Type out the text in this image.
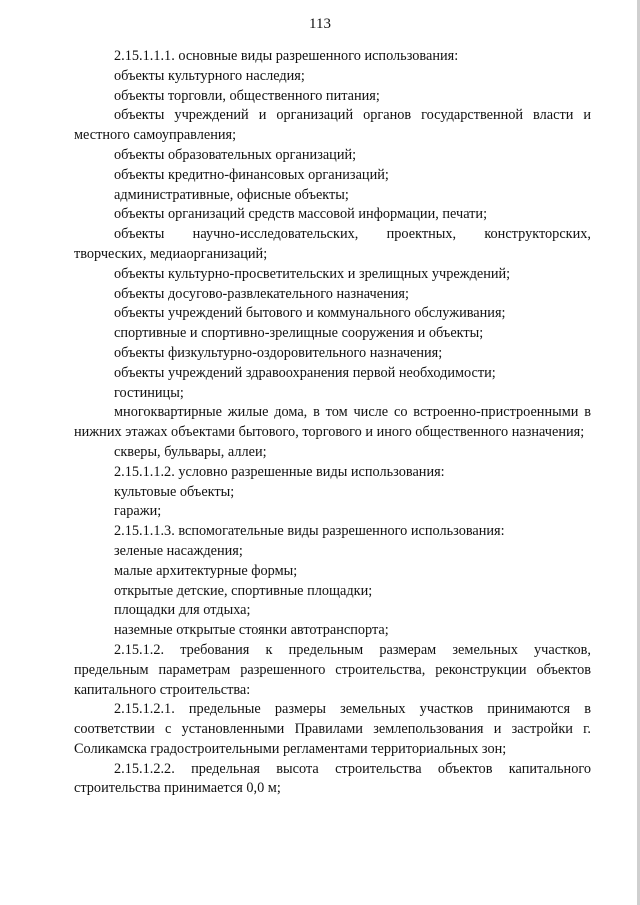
113

2.15.1.1.1. основные виды разрешенного использования:

объекты культурного наследия;

объекты торговли, общественного питания;

объекты учреждений и организаций органов государственной власти и местного самоуправления;

объекты образовательных организаций;

объекты кредитно-финансовых организаций;

административные, офисные объекты;

объекты организаций средств массовой информации, печати;

объекты научно-исследовательских, проектных, конструкторских, творческих, медиаорганизаций;

объекты культурно-просветительских и зрелищных учреждений;

объекты досугово-развлекательного назначения;

объекты учреждений бытового и коммунального обслуживания;

спортивные и спортивно-зрелищные сооружения и объекты;

объекты физкультурно-оздоровительного назначения;

объекты учреждений здравоохранения первой необходимости;

гостиницы;

многоквартирные жилые дома, в том числе со встроенно-пристроенными в нижних этажах объектами бытового, торгового и иного общественного назначения;

скверы, бульвары, аллеи;

2.15.1.1.2. условно разрешенные виды использования:

культовые объекты;

гаражи;

2.15.1.1.3. вспомогательные виды разрешенного использования:

зеленые насаждения;

малые архитектурные формы;

открытые детские, спортивные площадки;

площадки для отдыха;

наземные открытые стоянки автотранспорта;

2.15.1.2. требования к предельным размерам земельных участков, предельным параметрам разрешенного строительства, реконструкции объектов капитального строительства:

2.15.1.2.1. предельные размеры земельных участков принимаются в соответствии с установленными Правилами землепользования и застройки г. Соликамска градостроительными регламентами территориальных зон;

2.15.1.2.2. предельная высота строительства объектов капитального строительства принимается 0,0 м;
